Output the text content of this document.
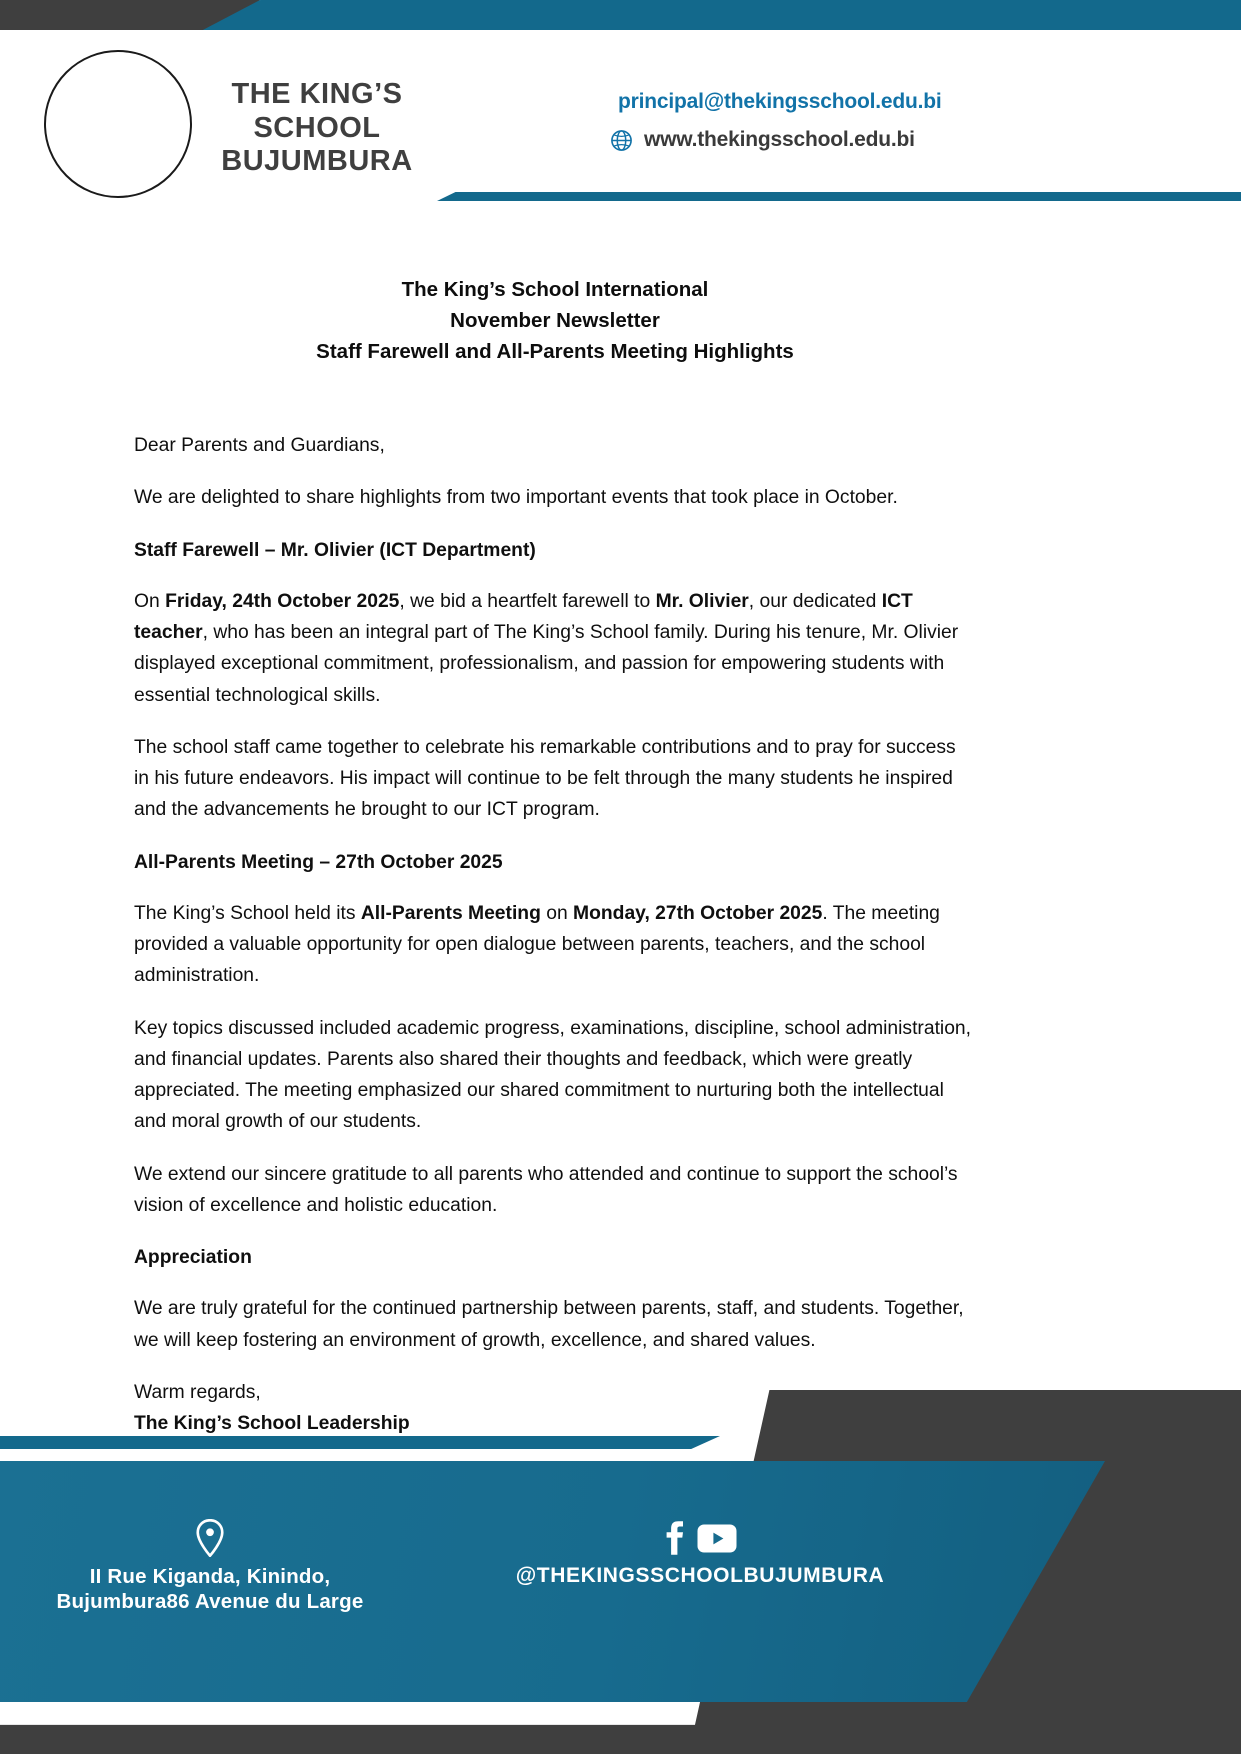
THE KING’S
SCHOOL
BUJUMBURA
principal@thekingsschool.edu.bi
www.thekingsschool.edu.bi
The King’s School International
November Newsletter
Staff Farewell and All-Parents Meeting Highlights

Dear Parents and Guardians,

We are delighted to share highlights from two important events that took place in October.

Staff Farewell – Mr. Olivier (ICT Department)

On Friday, 24th October 2025, we bid a heartfelt farewell to Mr. Olivier, our dedicated ICT teacher, who has been an integral part of The King’s School family. During his tenure, Mr. Olivier displayed exceptional commitment, professionalism, and passion for empowering students with essential technological skills.

The school staff came together to celebrate his remarkable contributions and to pray for success in his future endeavors. His impact will continue to be felt through the many students he inspired and the advancements he brought to our ICT program.

All-Parents Meeting – 27th October 2025

The King’s School held its All-Parents Meeting on Monday, 27th October 2025. The meeting provided a valuable opportunity for open dialogue between parents, teachers, and the school administration.

Key topics discussed included academic progress, examinations, discipline, school administration, and financial updates. Parents also shared their thoughts and feedback, which were greatly appreciated. The meeting emphasized our shared commitment to nurturing both the intellectual and moral growth of our students.

We extend our sincere gratitude to all parents who attended and continue to support the school’s vision of excellence and holistic education.

Appreciation

We are truly grateful for the continued partnership between parents, staff, and students. Together, we will keep fostering an environment of growth, excellence, and shared values.

Warm regards,
The King’s School Leadership

II Rue Kiganda, Kinindo,
Bujumbura86 Avenue du Large
@THEKINGSSCHOOLBUJUMBURA
